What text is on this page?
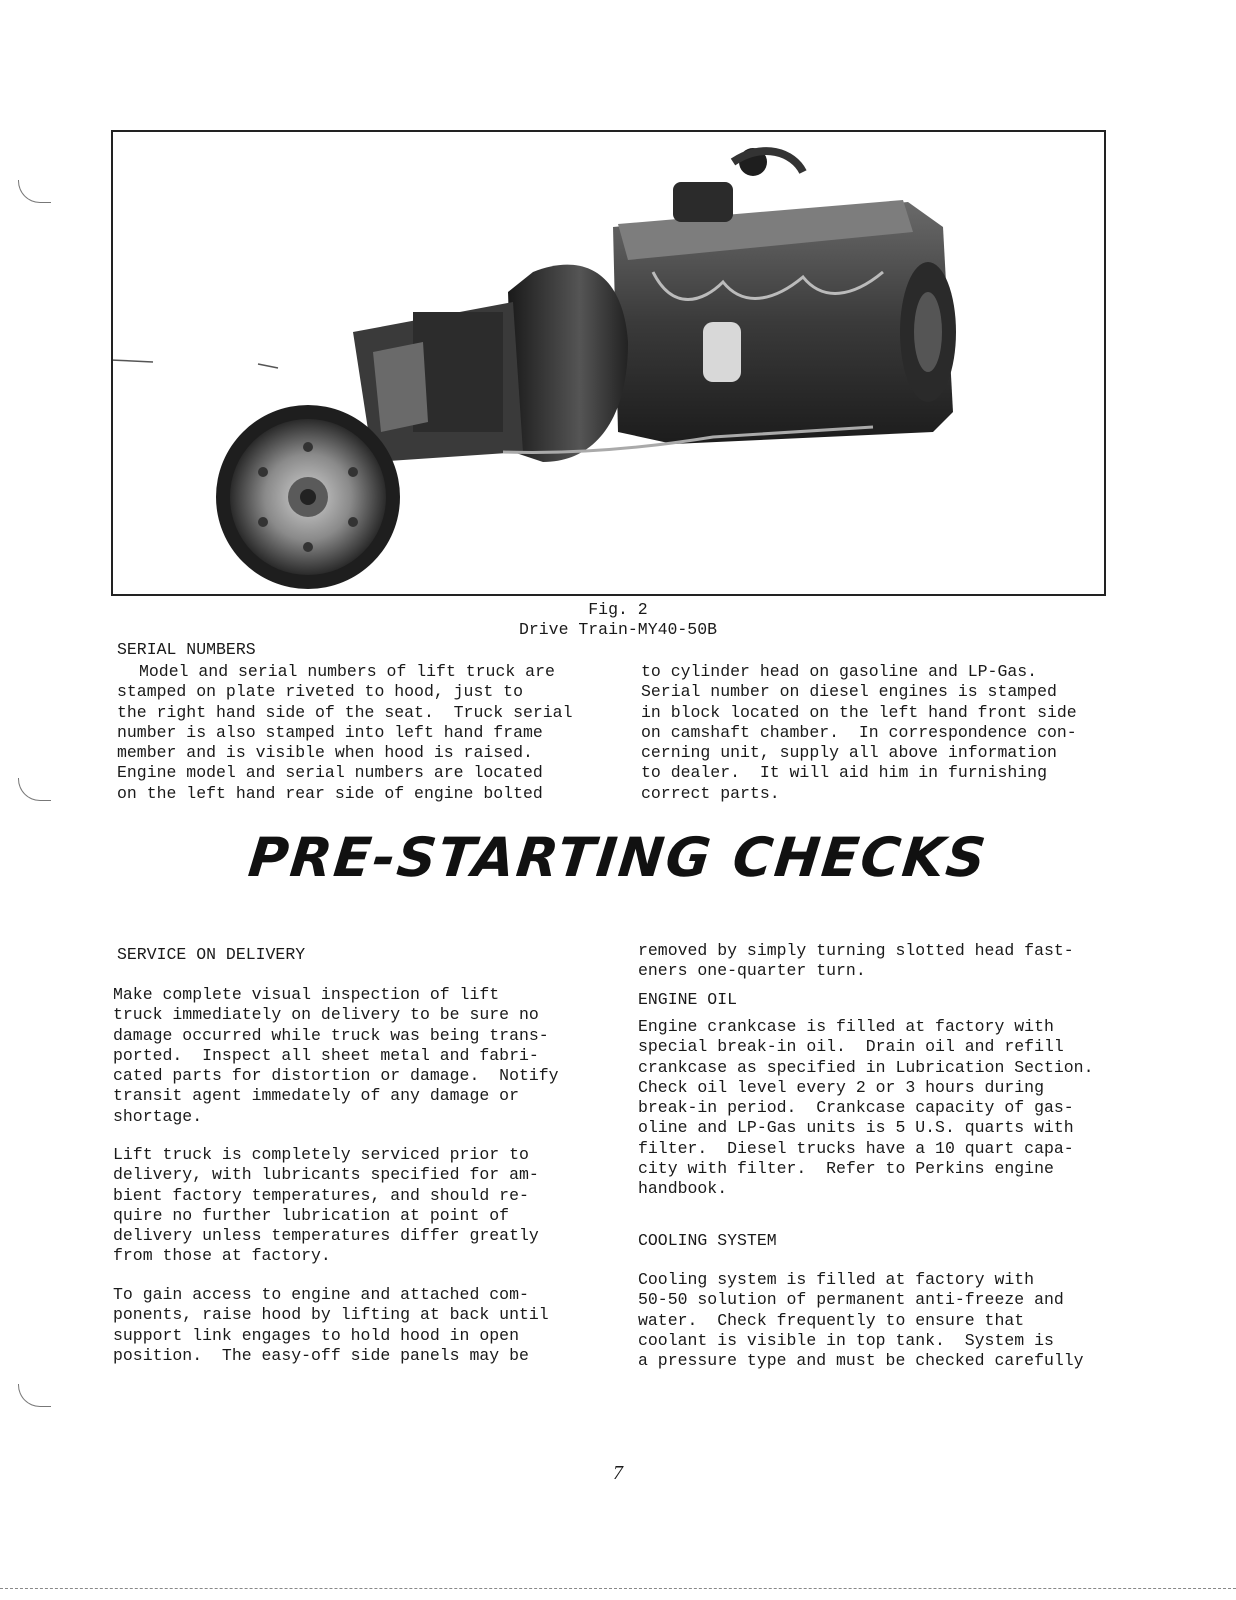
Fig. 2
Drive Train-MY40-50B
SERIAL NUMBERS
Model and serial numbers of lift truck are
stamped on plate riveted to hood, just to
the right hand side of the seat.  Truck serial
number is also stamped into left hand frame
member and is visible when hood is raised.
Engine model and serial numbers are located
on the left hand rear side of engine bolted
to cylinder head on gasoline and LP-Gas.
Serial number on diesel engines is stamped
in block located on the left hand front side
on camshaft chamber.  In correspondence con-
cerning unit, supply all above information
to dealer.  It will aid him in furnishing
correct parts.
PRE-STARTING CHECKS
SERVICE ON DELIVERY
Make complete visual inspection of lift
truck immediately on delivery to be sure no
damage occurred while truck was being trans-
ported.  Inspect all sheet metal and fabri-
cated parts for distortion or damage.  Notify
transit agent immedately of any damage or
shortage.
Lift truck is completely serviced prior to
delivery, with lubricants specified for am-
bient factory temperatures, and should re-
quire no further lubrication at point of
delivery unless temperatures differ greatly
from those at factory.
To gain access to engine and attached com-
ponents, raise hood by lifting at back until
support link engages to hold hood in open
position.  The easy-off side panels may be
removed by simply turning slotted head fast-
eners one-quarter turn.
ENGINE OIL
Engine crankcase is filled at factory with
special break-in oil.  Drain oil and refill
crankcase as specified in Lubrication Section.
Check oil level every 2 or 3 hours during
break-in period.  Crankcase capacity of gas-
oline and LP-Gas units is 5 U.S. quarts with
filter.  Diesel trucks have a 10 quart capa-
city with filter.  Refer to Perkins engine
handbook.
COOLING SYSTEM
Cooling system is filled at factory with
50-50 solution of permanent anti-freeze and
water.  Check frequently to ensure that
coolant is visible in top tank.  System is
a pressure type and must be checked carefully
7
